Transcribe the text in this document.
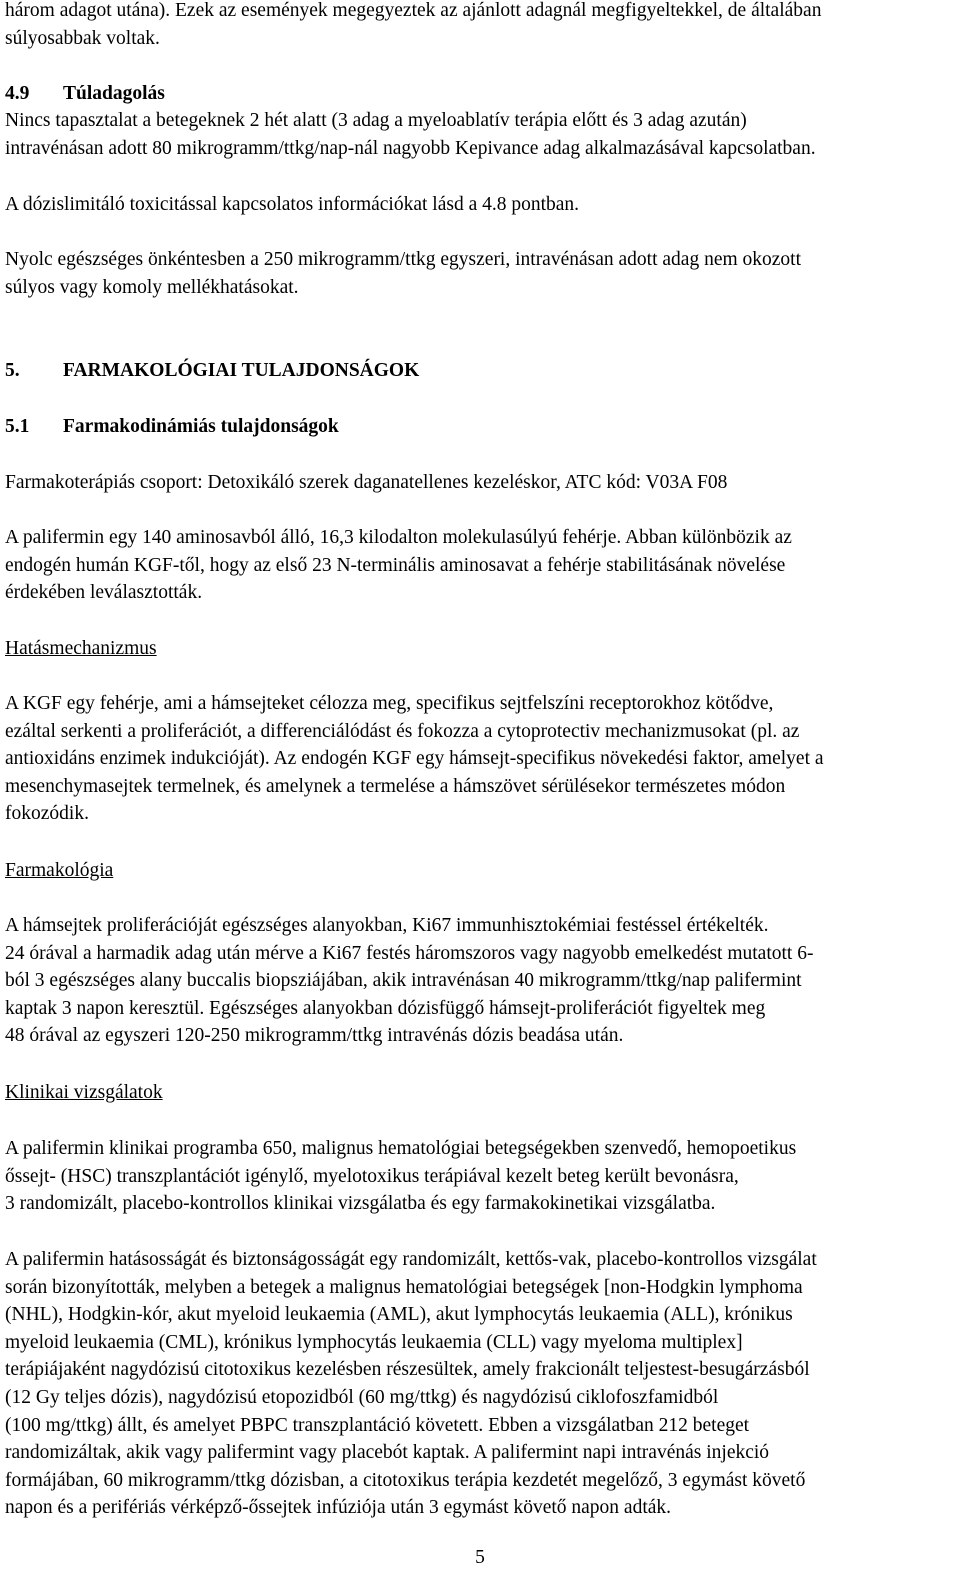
három adagot utána). Ezek az események megegyeztek az ajánlott adagnál megfigyeltekkel, de általában
súlyosabbak voltak.

4.9 Túladagolás

Nincs tapasztalat a betegeknek 2 hét alatt (3 adag a myeloablatív terápia előtt és 3 adag azután)
intravénásan adott 80 mikrogramm/ttkg/nap-nál nagyobb Kepivance adag alkalmazásával kapcsolatban.

A dózislimitáló toxicitással kapcsolatos információkat lásd a 4.8 pontban.

Nyolc egészséges önkéntesben a 250 mikrogramm/ttkg egyszeri, intravénásan adott adag nem okozott
súlyos vagy komoly mellékhatásokat.

5. FARMAKOLÓGIAI TULAJDONSÁGOK

5.1 Farmakodinámiás tulajdonságok

Farmakoterápiás csoport: Detoxikáló szerek daganatellenes kezeléskor, ATC kód: V03A F08

A palifermin egy 140 aminosavból álló, 16,3 kilodalton molekulasúlyú fehérje. Abban különbözik az
endogén humán KGF-től, hogy az első 23 N-terminális aminosavat a fehérje stabilitásának növelése
érdekében leválasztották.

Hatásmechanizmus

A KGF egy fehérje, ami a hámsejteket célozza meg, specifikus sejtfelszíni receptorokhoz kötődve,
ezáltal serkenti a proliferációt, a differenciálódást és fokozza a cytoprotectiv mechanizmusokat (pl. az
antioxidáns enzimek indukcióját). Az endogén KGF egy hámsejt-specifikus növekedési faktor, amelyet a
mesenchymasejtek termelnek, és amelynek a termelése a hámszövet sérülésekor természetes módon
fokozódik.

Farmakológia

A hámsejtek proliferációját egészséges alanyokban, Ki67 immunhisztokémiai festéssel értékelték.
24 órával a harmadik adag után mérve a Ki67 festés háromszoros vagy nagyobb emelkedést mutatott 6-
ból 3 egészséges alany buccalis biopsziájában, akik intravénásan 40 mikrogramm/ttkg/nap palifermint
kaptak 3 napon keresztül. Egészséges alanyokban dózisfüggő hámsejt-proliferációt figyeltek meg
48 órával az egyszeri 120-250 mikrogramm/ttkg intravénás dózis beadása után.

Klinikai vizsgálatok

A palifermin klinikai programba 650, malignus hematológiai betegségekben szenvedő, hemopoetikus
őssejt- (HSC) transzplantációt igénylő, myelotoxikus terápiával kezelt beteg került bevonásra,
3 randomizált, placebo-kontrollos klinikai vizsgálatba és egy farmakokinetikai vizsgálatba.

A palifermin hatásosságát és biztonságosságát egy randomizált, kettős-vak, placebo-kontrollos vizsgálat
során bizonyították, melyben a betegek a malignus hematológiai betegségek [non-Hodgkin lymphoma
(NHL), Hodgkin-kór, akut myeloid leukaemia (AML), akut lymphocytás leukaemia (ALL), krónikus
myeloid leukaemia (CML), krónikus lymphocytás leukaemia (CLL) vagy myeloma multiplex]
terápiájaként nagydózisú citotoxikus kezelésben részesültek, amely frakcionált teljestest-besugárzásból
(12 Gy teljes dózis), nagydózisú etopozidból (60 mg/ttkg) és nagydózisú ciklofoszfamidból
(100 mg/ttkg) állt, és amelyet PBPC transzplantáció követett. Ebben a vizsgálatban 212 beteget
randomizáltak, akik vagy palifermint vagy placebót kaptak. A palifermint napi intravénás injekció
formájában, 60 mikrogramm/ttkg dózisban, a citotoxikus terápia kezdetét megelőző, 3 egymást követő
napon és a perifériás vérképző-őssejtek infúziója után 3 egymást követő napon adták.

5
